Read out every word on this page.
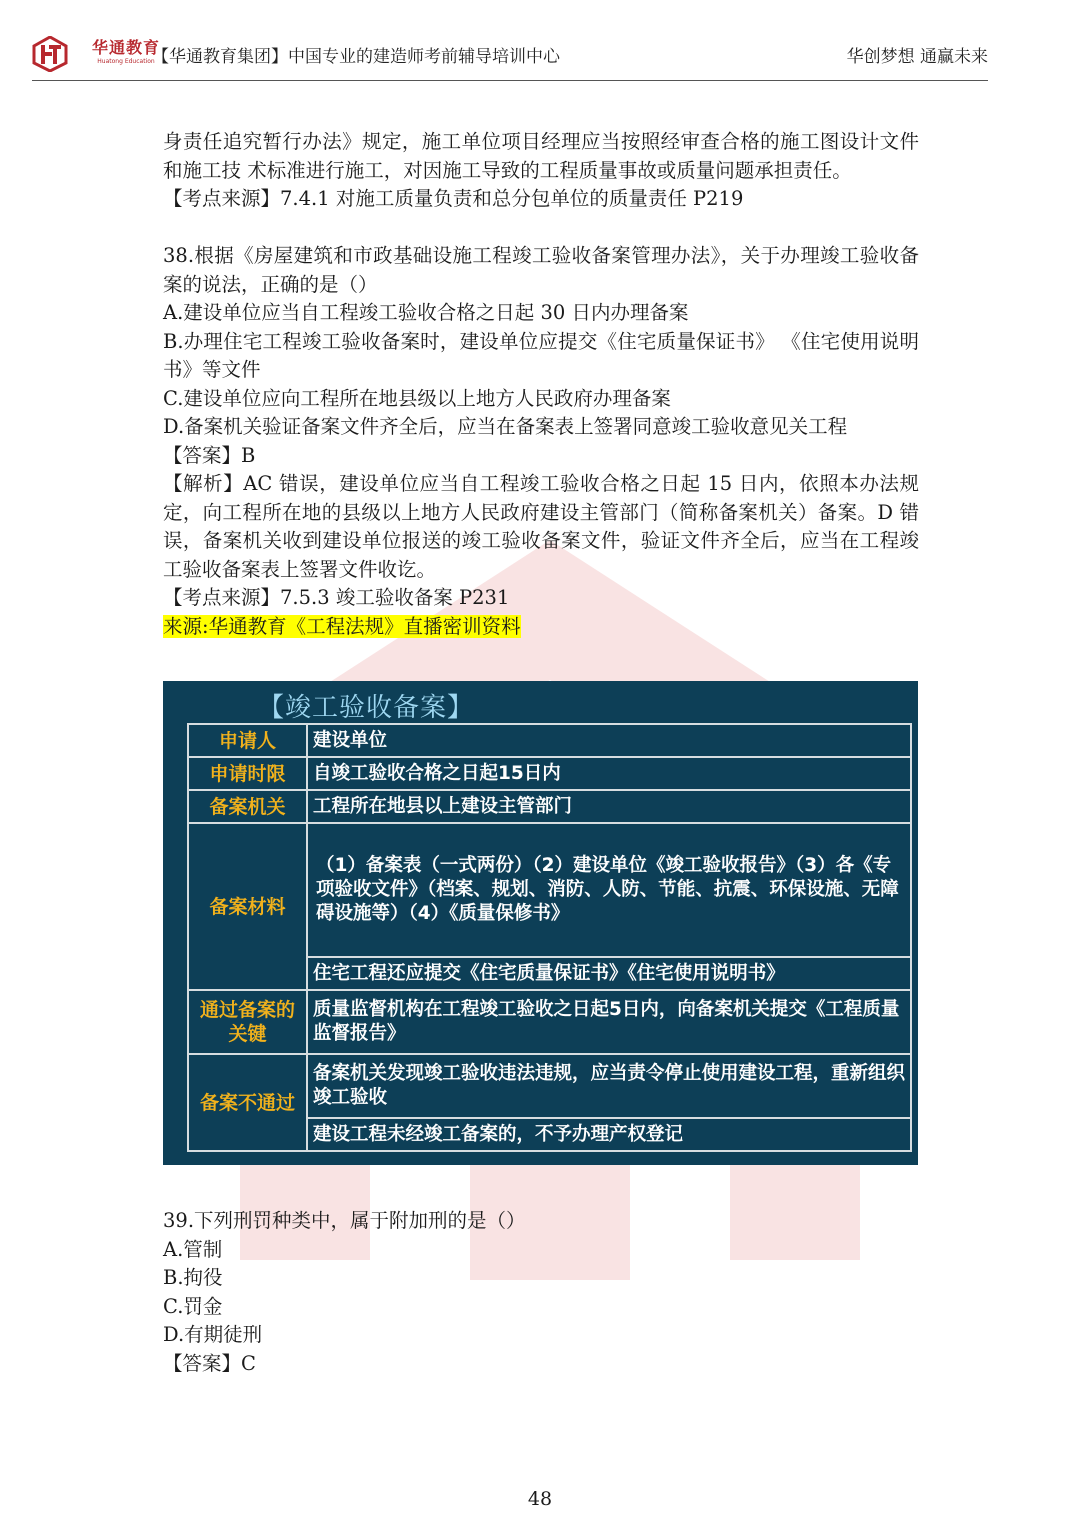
华通教育
Huatong Education
【华通教育集团】中国专业的建造师考前辅导培训中心	华创梦想 通赢未来

身责任追究暂行办法》规定，施工单位项目经理应当按照经审查合格的施工图设计文件和施工技 术标准进行施工，对因施工导致的工程质量事故或质量问题承担责任。

【考点来源】7.4.1 对施工质量负责和总分包单位的质量责任 P219

38.根据《房屋建筑和市政基础设施工程竣工验收备案管理办法》，关于办理竣工验收备案的说法，正确的是（）

A.建设单位应当自工程竣工验收合格之日起 30 日内办理备案

B.办理住宅工程竣工验收备案时，建设单位应提交《住宅质量保证书》 《住宅使用说明书》等文件

C.建设单位应向工程所在地县级以上地方人民政府办理备案

D.备案机关验证备案文件齐全后，应当在备案表上签署同意竣工验收意见关工程

【答案】B

【解析】AC 错误，建设单位应当自工程竣工验收合格之日起 15 日内，依照本办法规定，向工程所在地的县级以上地方人民政府建设主管部门（简称备案机关）备案。D 错误，备案机关收到建设单位报送的竣工验收备案文件，验证文件齐全后，应当在工程竣工验收备案表上签署文件收讫。

【考点来源】7.5.3 竣工验收备案 P231

来源:华通教育《工程法规》直播密训资料

【竣工验收备案】
申请人	建设单位
申请时限	自竣工验收合格之日起15日内
备案机关	工程所在地县以上建设主管部门
备案材料	（1）备案表（一式两份）（2）建设单位《竣工验收报告》（3）各《专项验收文件》（档案、规划、消防、人防、节能、抗震、环保设施、无障碍设施等）（4）《质量保修书》
	住宅工程还应提交《住宅质量保证书》《住宅使用说明书》
通过备案的关键	质量监督机构在工程竣工验收之日起5日内，向备案机关提交《工程质量监督报告》
备案不通过	备案机关发现竣工验收违法违规，应当责令停止使用建设工程，重新组织竣工验收
	建设工程未经竣工备案的，不予办理产权登记

39.下列刑罚种类中，属于附加刑的是（）

A.管制

B.拘役

C.罚金

D.有期徒刑

【答案】C

48
